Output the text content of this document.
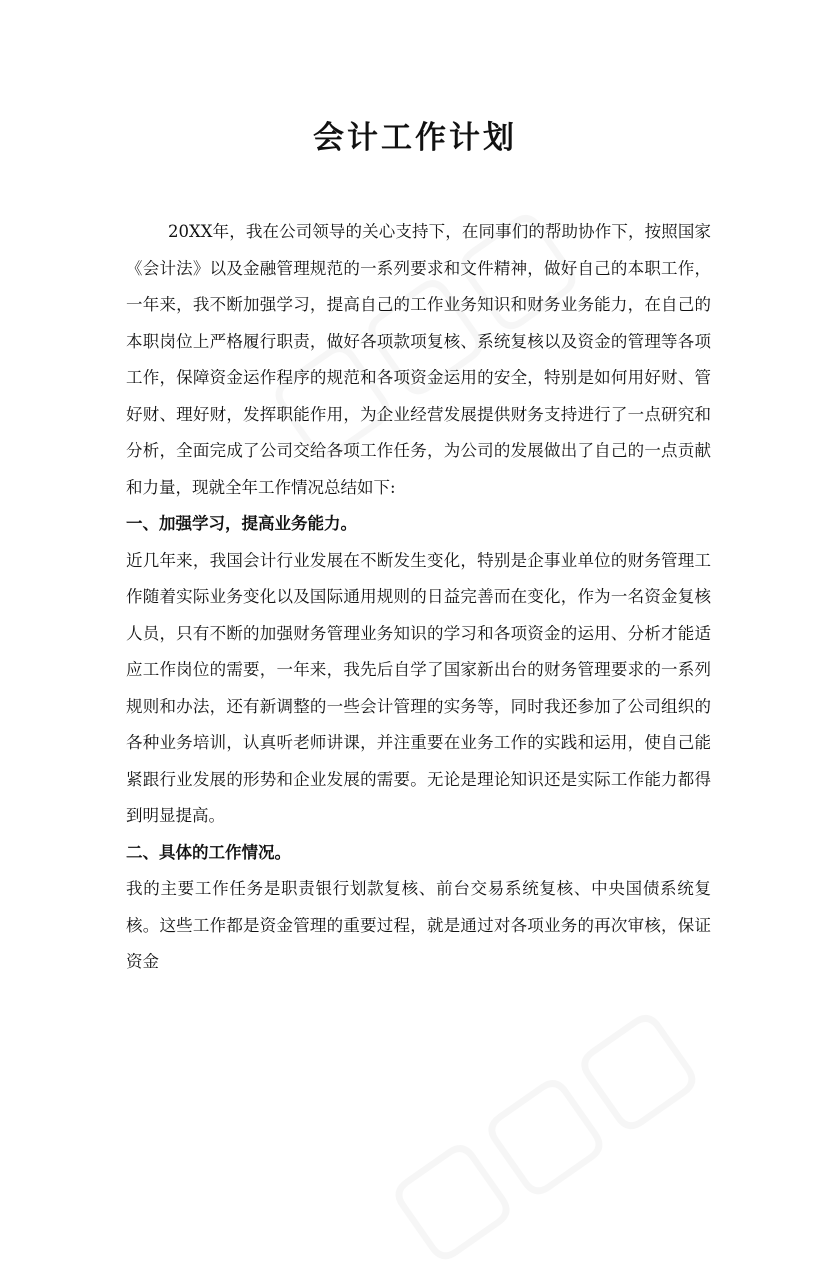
会计工作计划

20XX年，我在公司领导的关心支持下，在同事们的帮助协作下，按照国家《会计法》以及金融管理规范的一系列要求和文件精神，做好自己的本职工作，一年来，我不断加强学习，提高自己的工作业务知识和财务业务能力，在自己的本职岗位上严格履行职责，做好各项款项复核、系统复核以及资金的管理等各项工作，保障资金运作程序的规范和各项资金运用的安全，特别是如何用好财、管好财、理好财，发挥职能作用，为企业经营发展提供财务支持进行了一点研究和分析，全面完成了公司交给各项工作任务，为公司的发展做出了自己的一点贡献和力量，现就全年工作情况总结如下:

一、加强学习，提高业务能力。

近几年来，我国会计行业发展在不断发生变化，特别是企事业单位的财务管理工作随着实际业务变化以及国际通用规则的日益完善而在变化，作为一名资金复核人员，只有不断的加强财务管理业务知识的学习和各项资金的运用、分析才能适应工作岗位的需要，一年来，我先后自学了国家新出台的财务管理要求的一系列规则和办法，还有新调整的一些会计管理的实务等，同时我还参加了公司组织的各种业务培训，认真听老师讲课，并注重要在业务工作的实践和运用，使自己能紧跟行业发展的形势和企业发展的需要。无论是理论知识还是实际工作能力都得到明显提高。

二、具体的工作情况。

我的主要工作任务是职责银行划款复核、前台交易系统复核、中央国债系统复核。这些工作都是资金管理的重要过程，就是通过对各项业务的再次审核，保证资金
